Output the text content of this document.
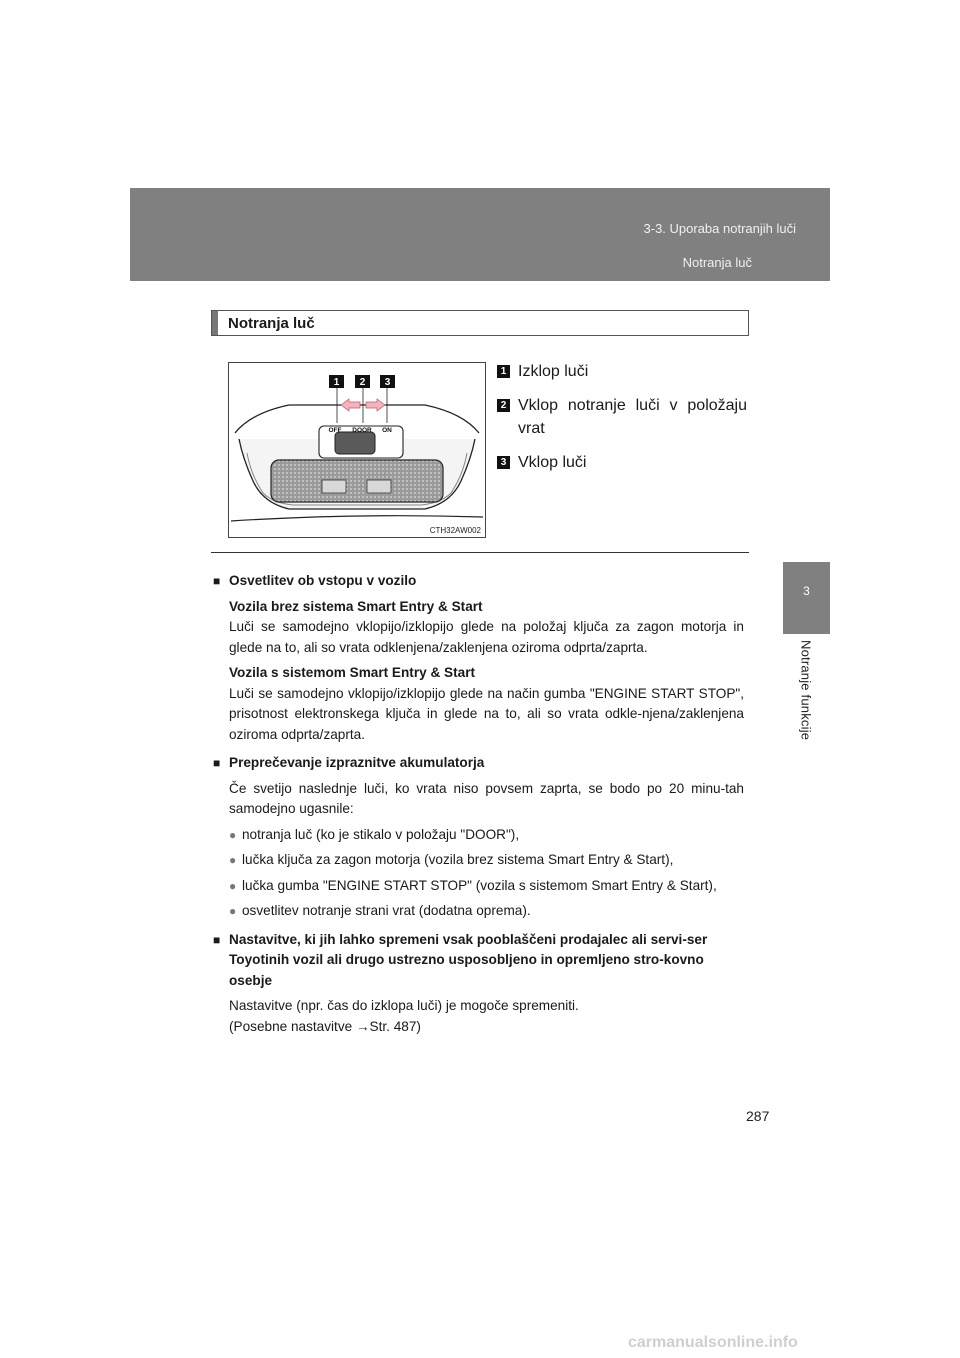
3-3. Uporaba notranjih luči
Notranja luč
3
Notranje funkcije
Notranja luč
1 2 3
OFF DOOR ON
CTH32AW002
1 Izklop luči
2 Vklop notranje luči v položaju vrat
3 Vklop luči

■ Osvetlitev ob vstopu v vozilo

Vozila brez sistema Smart Entry & Start

Luči se samodejno vklopijo/izklopijo glede na položaj ključa za zagon motorja in glede na to, ali so vrata odklenjena/zaklenjena oziroma odprta/zaprta.

Vozila s sistemom Smart Entry & Start

Luči se samodejno vklopijo/izklopijo glede na način gumba "ENGINE START STOP", prisotnost elektronskega ključa in glede na to, ali so vrata odkle-njena/zaklenjena oziroma odprta/zaprta.

■ Preprečevanje izpraznitve akumulatorja

Če svetijo naslednje luči, ko vrata niso povsem zaprta, se bodo po 20 minu-tah samodejno ugasnile:

● notranja luč (ko je stikalo v položaju "DOOR"),

● lučka ključa za zagon motorja (vozila brez sistema Smart Entry & Start),

● lučka gumba "ENGINE START STOP" (vozila s sistemom Smart Entry & Start),

● osvetlitev notranje strani vrat (dodatna oprema).

■ Nastavitve, ki jih lahko spremeni vsak pooblaščeni prodajalec ali servi-ser Toyotinih vozil ali drugo ustrezno usposobljeno in opremljeno stro-kovno osebje

Nastavitve (npr. čas do izklopa luči) je mogoče spremeniti.

(Posebne nastavitve →Str. 487)

287
carmanualsonline.info
